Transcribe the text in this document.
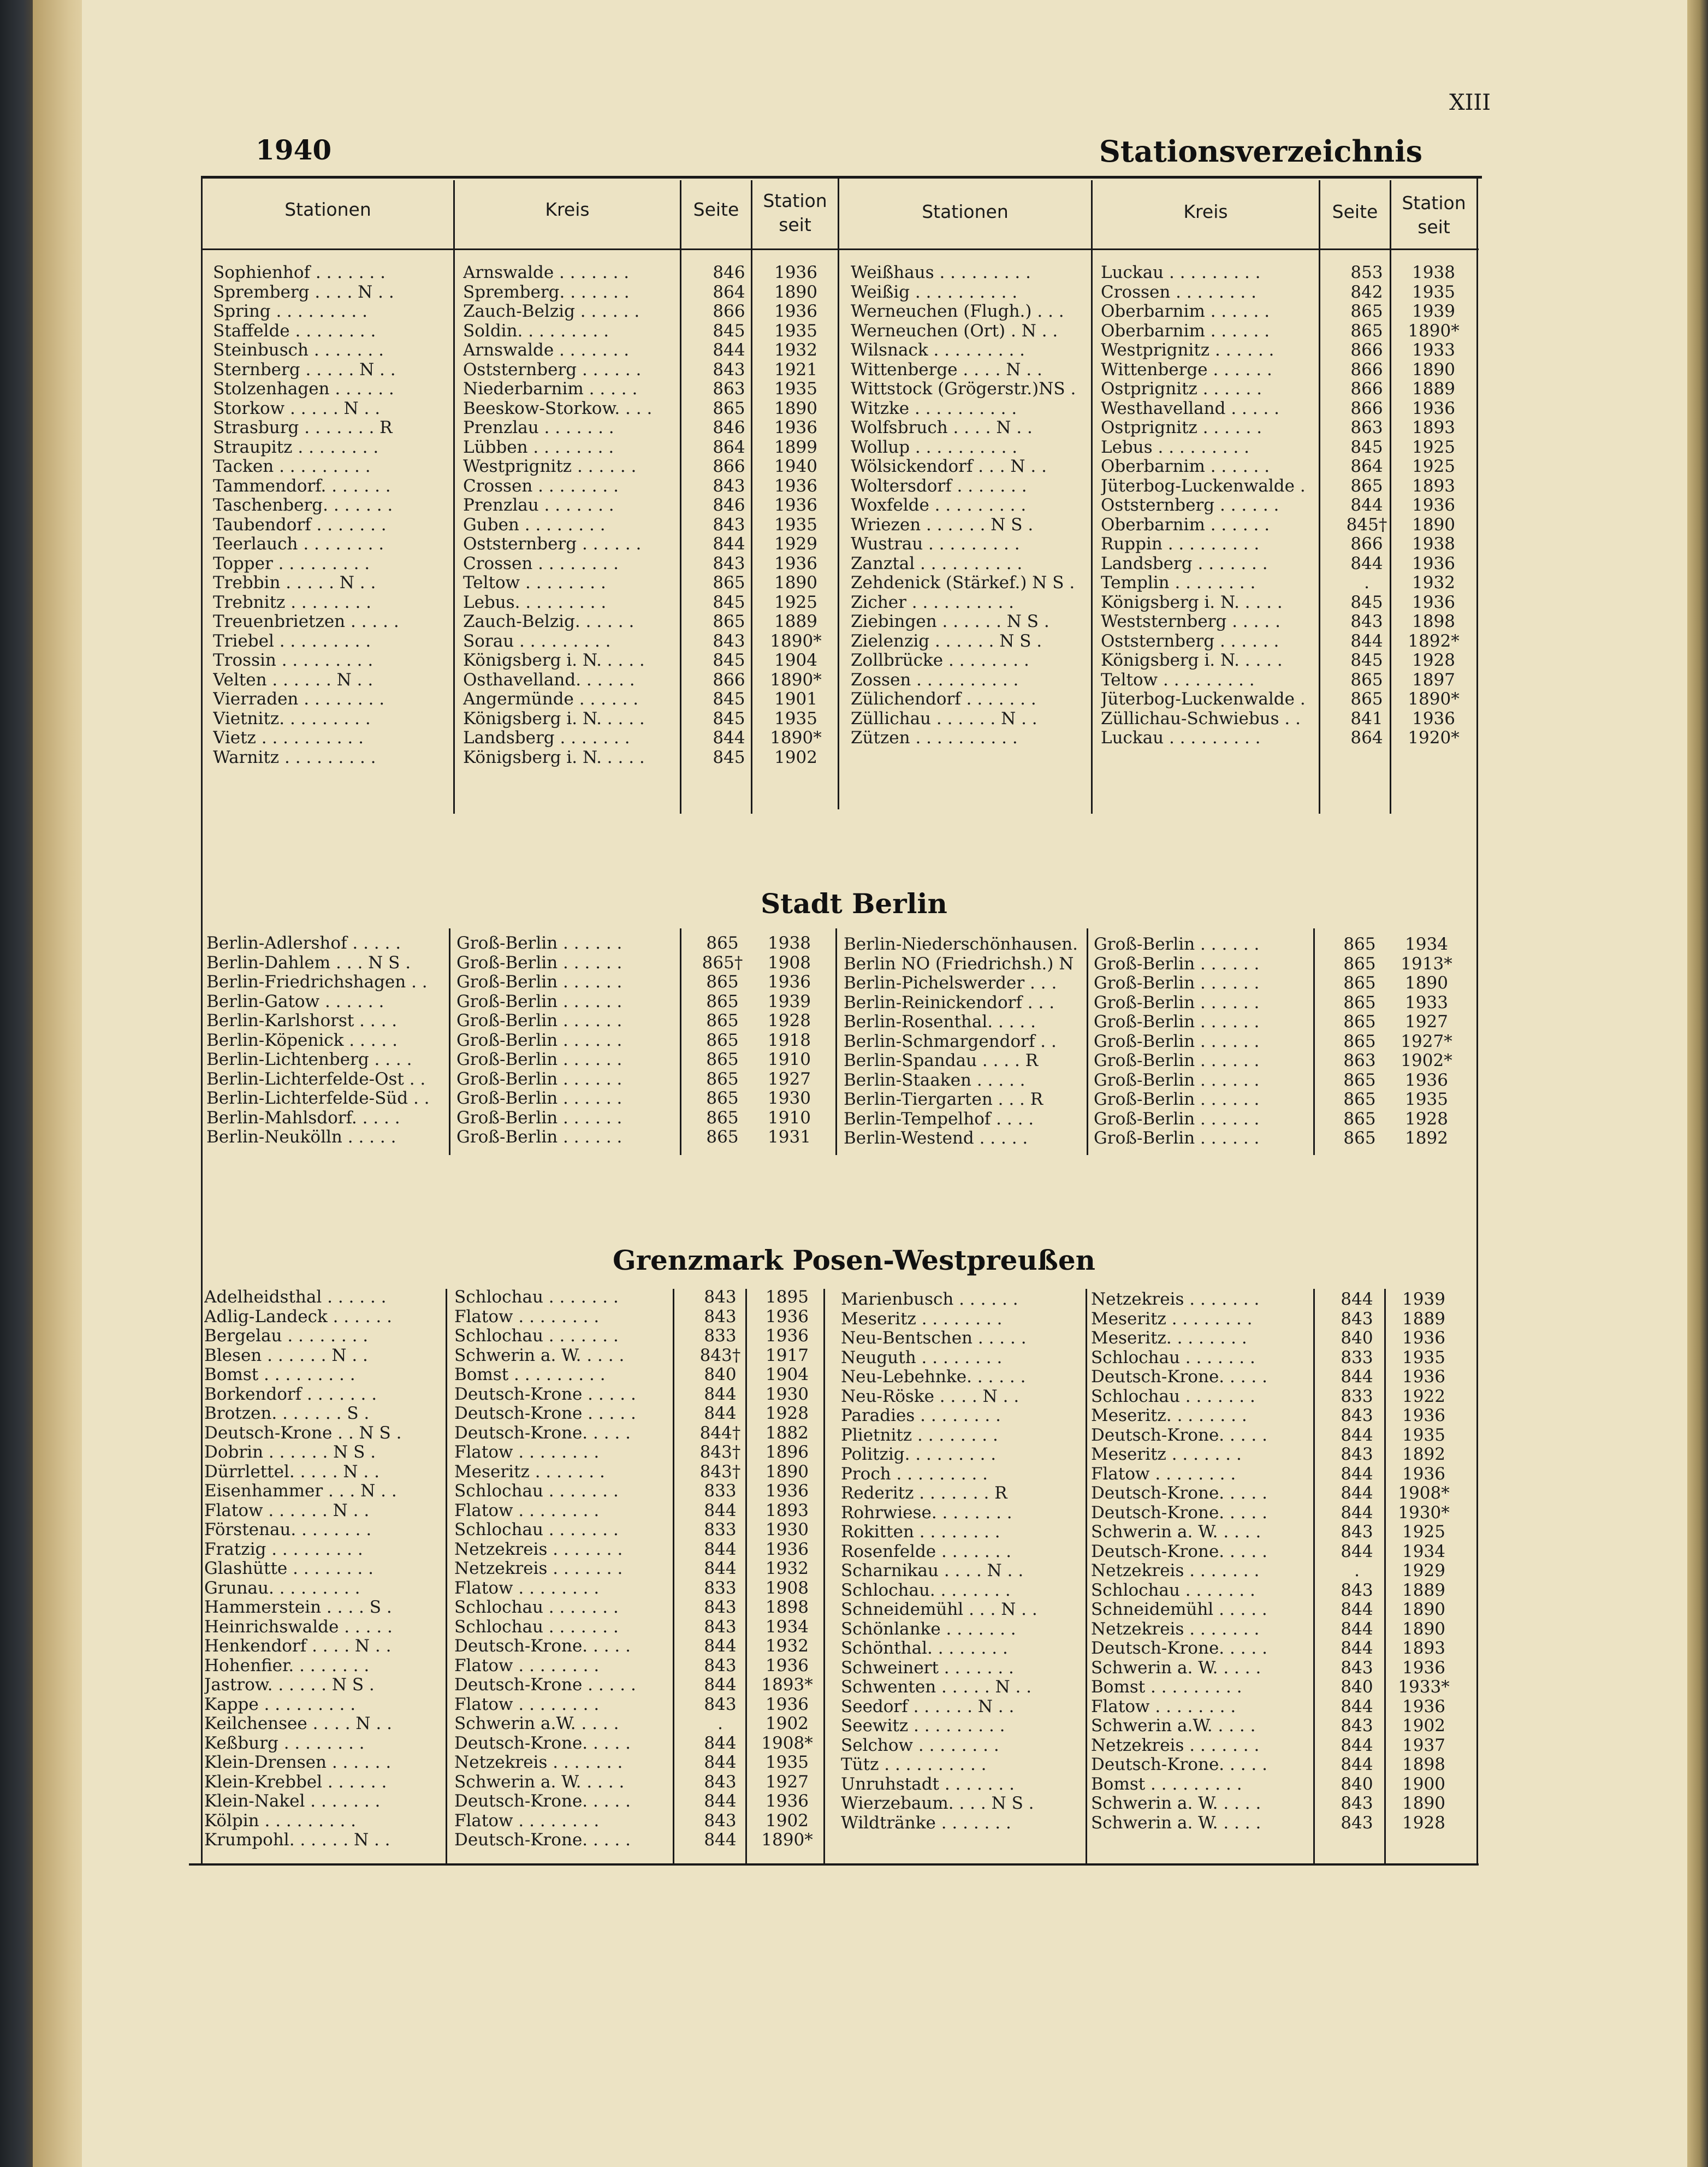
XIII
1940	Stationsverzeichnis
Stationen	Kreis	Seite	Station
seit
Stationen	Kreis	Seite	Station
seit
Stadt Berlin
Grenzmark Posen-Westpreußen
Sophienhof . . . . . . .	Arnswalde . . . . . . .	846	1936
Spremberg . . . . N . .	Spremberg. . . . . . .	864	1890
Spring . . . . . . . . .	Zauch-Belzig . . . . . .	866	1936
Staffelde . . . . . . . .	Soldin. . . . . . . . .	845	1935
Steinbusch . . . . . . .	Arnswalde . . . . . . .	844	1932
Sternberg . . . . . N . .	Oststernberg . . . . . .	843	1921
Stolzenhagen . . . . . .	Niederbarnim . . . . .	863	1935
Storkow . . . . . N . .	Beeskow-Storkow. . . .	865	1890
Strasburg . . . . . . . R	Prenzlau . . . . . . .	846	1936
Straupitz . . . . . . . .	Lübben . . . . . . . .	864	1899
Tacken . . . . . . . . .	Westprignitz . . . . . .	866	1940
Tammendorf. . . . . . .	Crossen . . . . . . . .	843	1936
Taschenberg. . . . . . .	Prenzlau . . . . . . .	846	1936
Taubendorf . . . . . . .	Guben . . . . . . . .	843	1935
Teerlauch . . . . . . . .	Oststernberg . . . . . .	844	1929
Topper . . . . . . . . .	Crossen . . . . . . . .	843	1936
Trebbin . . . . . N . .	Teltow . . . . . . . .	865	1890
Trebnitz . . . . . . . .	Lebus. . . . . . . . .	845	1925
Treuenbrietzen . . . . .	Zauch-Belzig. . . . . .	865	1889
Triebel . . . . . . . . .	Sorau . . . . . . . . .	843	1890*
Trossin . . . . . . . . .	Königsberg i. N. . . . .	845	1904
Velten . . . . . . N . .	Osthavelland. . . . . .	866	1890*
Vierraden . . . . . . . .	Angermünde . . . . . .	845	1901
Vietnitz. . . . . . . . .	Königsberg i. N. . . . .	845	1935
Vietz . . . . . . . . . .	Landsberg . . . . . . .	844	1890*
Warnitz . . . . . . . . .	Königsberg i. N. . . . .	845	1902
Weißhaus . . . . . . . . .	Luckau . . . . . . . . .	853	1938
Weißig . . . . . . . . . .	Crossen . . . . . . . .	842	1935
Werneuchen (Flugh.) . . .	Oberbarnim . . . . . .	865	1939
Werneuchen (Ort) . N . .	Oberbarnim . . . . . .	865	1890*
Wilsnack . . . . . . . . .	Westprignitz . . . . . .	866	1933
Wittenberge . . . . N . .	Wittenberge . . . . . .	866	1890
Wittstock (Grögerstr.)NS .	Ostprignitz . . . . . .	866	1889
Witzke . . . . . . . . . .	Westhavelland . . . . .	866	1936
Wolfsbruch . . . . N . .	Ostprignitz . . . . . .	863	1893
Wollup . . . . . . . . . .	Lebus . . . . . . . . .	845	1925
Wölsickendorf . . . N . .	Oberbarnim . . . . . .	864	1925
Woltersdorf . . . . . . .	Jüterbog-Luckenwalde .	865	1893
Woxfelde . . . . . . . . .	Oststernberg . . . . . .	844	1936
Wriezen . . . . . . N S .	Oberbarnim . . . . . .	845†	1890
Wustrau . . . . . . . . .	Ruppin . . . . . . . . .	866	1938
Zanztal . . . . . . . . . .	Landsberg . . . . . . .	844	1936
Zehdenick (Stärkef.) N S .	Templin . . . . . . . .	.	1932
Zicher . . . . . . . . . .	Königsberg i. N. . . . .	845	1936
Ziebingen . . . . . . N S .	Weststernberg . . . . .	843	1898
Zielenzig . . . . . . N S .	Oststernberg . . . . . .	844	1892*
Zollbrücke . . . . . . . .	Königsberg i. N. . . . .	845	1928
Zossen . . . . . . . . . .	Teltow . . . . . . . . .	865	1897
Zülichendorf . . . . . . .	Jüterbog-Luckenwalde .	865	1890*
Züllichau . . . . . . N . .	Züllichau-Schwiebus . .	841	1936
Zützen . . . . . . . . . .	Luckau . . . . . . . . .	864	1920*
Berlin-Adlershof . . . . .	Groß-Berlin . . . . . .	865	1938
Berlin-Dahlem . . . N S .	Groß-Berlin . . . . . .	865†	1908
Berlin-Friedrichshagen . .	Groß-Berlin . . . . . .	865	1936
Berlin-Gatow . . . . . .	Groß-Berlin . . . . . .	865	1939
Berlin-Karlshorst . . . .	Groß-Berlin . . . . . .	865	1928
Berlin-Köpenick . . . . .	Groß-Berlin . . . . . .	865	1918
Berlin-Lichtenberg . . . .	Groß-Berlin . . . . . .	865	1910
Berlin-Lichterfelde-Ost . .	Groß-Berlin . . . . . .	865	1927
Berlin-Lichterfelde-Süd . .	Groß-Berlin . . . . . .	865	1930
Berlin-Mahlsdorf. . . . .	Groß-Berlin . . . . . .	865	1910
Berlin-Neukölln . . . . .	Groß-Berlin . . . . . .	865	1931
Berlin-Niederschönhausen. Groß-Berlin . . . . . .	865	1934
Berlin NO (Friedrichsh.) N Groß-Berlin . . . . . .	865	1913*
Berlin-Pichelswerder . . .	Groß-Berlin . . . . . .	865	1890
Berlin-Reinickendorf . . .	Groß-Berlin . . . . . .	865	1933
Berlin-Rosenthal. . . . .	Groß-Berlin . . . . . .	865	1927
Berlin-Schmargendorf . .	Groß-Berlin . . . . . .	865	1927*
Berlin-Spandau . . . . R	Groß-Berlin . . . . . .	863	1902*
Berlin-Staaken . . . . .	Groß-Berlin . . . . . .	865	1936
Berlin-Tiergarten . . . R	Groß-Berlin . . . . . .	865	1935
Berlin-Tempelhof . . . .	Groß-Berlin . . . . . .	865	1928
Berlin-Westend . . . . .	Groß-Berlin . . . . . .	865	1892
Adelheidsthal . . . . . .	Schlochau . . . . . . .	843	1895
Adlig-Landeck . . . . . .	Flatow . . . . . . . .	843	1936
Bergelau . . . . . . . .	Schlochau . . . . . . .	833	1936
Blesen . . . . . . N . .	Schwerin a. W. . . . .	843†	1917
Bomst . . . . . . . . .	Bomst . . . . . . . . .	840	1904
Borkendorf . . . . . . .	Deutsch-Krone . . . . .	844	1930
Brotzen. . . . . . . S .	Deutsch-Krone . . . . .	844	1928
Deutsch-Krone . . N S .	Deutsch-Krone. . . . .	844†	1882
Dobrin . . . . . . N S .	Flatow . . . . . . . .	843†	1896
Dürrlettel. . . . . N . .	Meseritz . . . . . . .	843†	1890
Eisenhammer . . . N . .	Schlochau . . . . . . .	833	1936
Flatow . . . . . . N . .	Flatow . . . . . . . .	844	1893
Förstenau. . . . . . . .	Schlochau . . . . . . .	833	1930
Fratzig . . . . . . . . .	Netzekreis . . . . . . .	844	1936
Glashütte . . . . . . . .	Netzekreis . . . . . . .	844	1932
Grunau. . . . . . . . .	Flatow . . . . . . . .	833	1908
Hammerstein . . . . S .	Schlochau . . . . . . .	843	1898
Heinrichswalde . . . . .	Schlochau . . . . . . .	843	1934
Henkendorf . . . . N . .	Deutsch-Krone. . . . .	844	1932
Hohenfier. . . . . . . .	Flatow . . . . . . . .	843	1936
Jastrow. . . . . . N S .	Deutsch-Krone . . . . .	844	1893*
Kappe . . . . . . . . .	Flatow . . . . . . . .	843	1936
Keilchensee . . . . N . .	Schwerin a.W. . . . .	.	1902
Keßburg . . . . . . . .	Deutsch-Krone. . . . .	844	1908*
Klein-Drensen . . . . . .	Netzekreis . . . . . . .	844	1935
Klein-Krebbel . . . . . .	Schwerin a. W. . . . .	843	1927
Klein-Nakel . . . . . . .	Deutsch-Krone. . . . .	844	1936
Kölpin . . . . . . . . .	Flatow . . . . . . . .	843	1902
Krumpohl. . . . . . N . .	Deutsch-Krone. . . . .	844	1890*
Marienbusch . . . . . .	Netzekreis . . . . . . .	844	1939
Meseritz . . . . . . . .	Meseritz . . . . . . . .	843	1889
Neu-Bentschen . . . . .	Meseritz. . . . . . . .	840	1936
Neuguth . . . . . . . .	Schlochau . . . . . . .	833	1935
Neu-Lebehnke. . . . . .	Deutsch-Krone. . . . .	844	1936
Neu-Röske . . . . N . .	Schlochau . . . . . . .	833	1922
Paradies . . . . . . . .	Meseritz. . . . . . . .	843	1936
Plietnitz . . . . . . . .	Deutsch-Krone. . . . .	844	1935
Politzig. . . . . . . . .	Meseritz . . . . . . .	843	1892
Proch . . . . . . . . .	Flatow . . . . . . . .	844	1936
Rederitz . . . . . . . R	Deutsch-Krone. . . . .	844	1908*
Rohrwiese. . . . . . . .	Deutsch-Krone. . . . .	844	1930*
Rokitten . . . . . . . .	Schwerin a. W. . . . .	843	1925
Rosenfelde . . . . . . .	Deutsch-Krone. . . . .	844	1934
Scharnikau . . . . N . .	Netzekreis . . . . . . .	.	1929
Schlochau. . . . . . . .	Schlochau . . . . . . .	843	1889
Schneidemühl . . . N . .	Schneidemühl . . . . .	844	1890
Schönlanke . . . . . . .	Netzekreis . . . . . . .	844	1890
Schönthal. . . . . . . .	Deutsch-Krone. . . . .	844	1893
Schweinert . . . . . . .	Schwerin a. W. . . . .	843	1936
Schwenten . . . . . N . .	Bomst . . . . . . . . .	840	1933*
Seedorf . . . . . . N . .	Flatow . . . . . . . .	844	1936
Seewitz . . . . . . . . .	Schwerin a.W. . . . .	843	1902
Selchow . . . . . . . .	Netzekreis . . . . . . .	844	1937
Tütz . . . . . . . . . .	Deutsch-Krone. . . . .	844	1898
Unruhstadt . . . . . . .	Bomst . . . . . . . . .	840	1900
Wierzebaum. . . . N S .	Schwerin a. W. . . . .	843	1890
Wildtränke . . . . . . .	Schwerin a. W. . . . .	843	1928
